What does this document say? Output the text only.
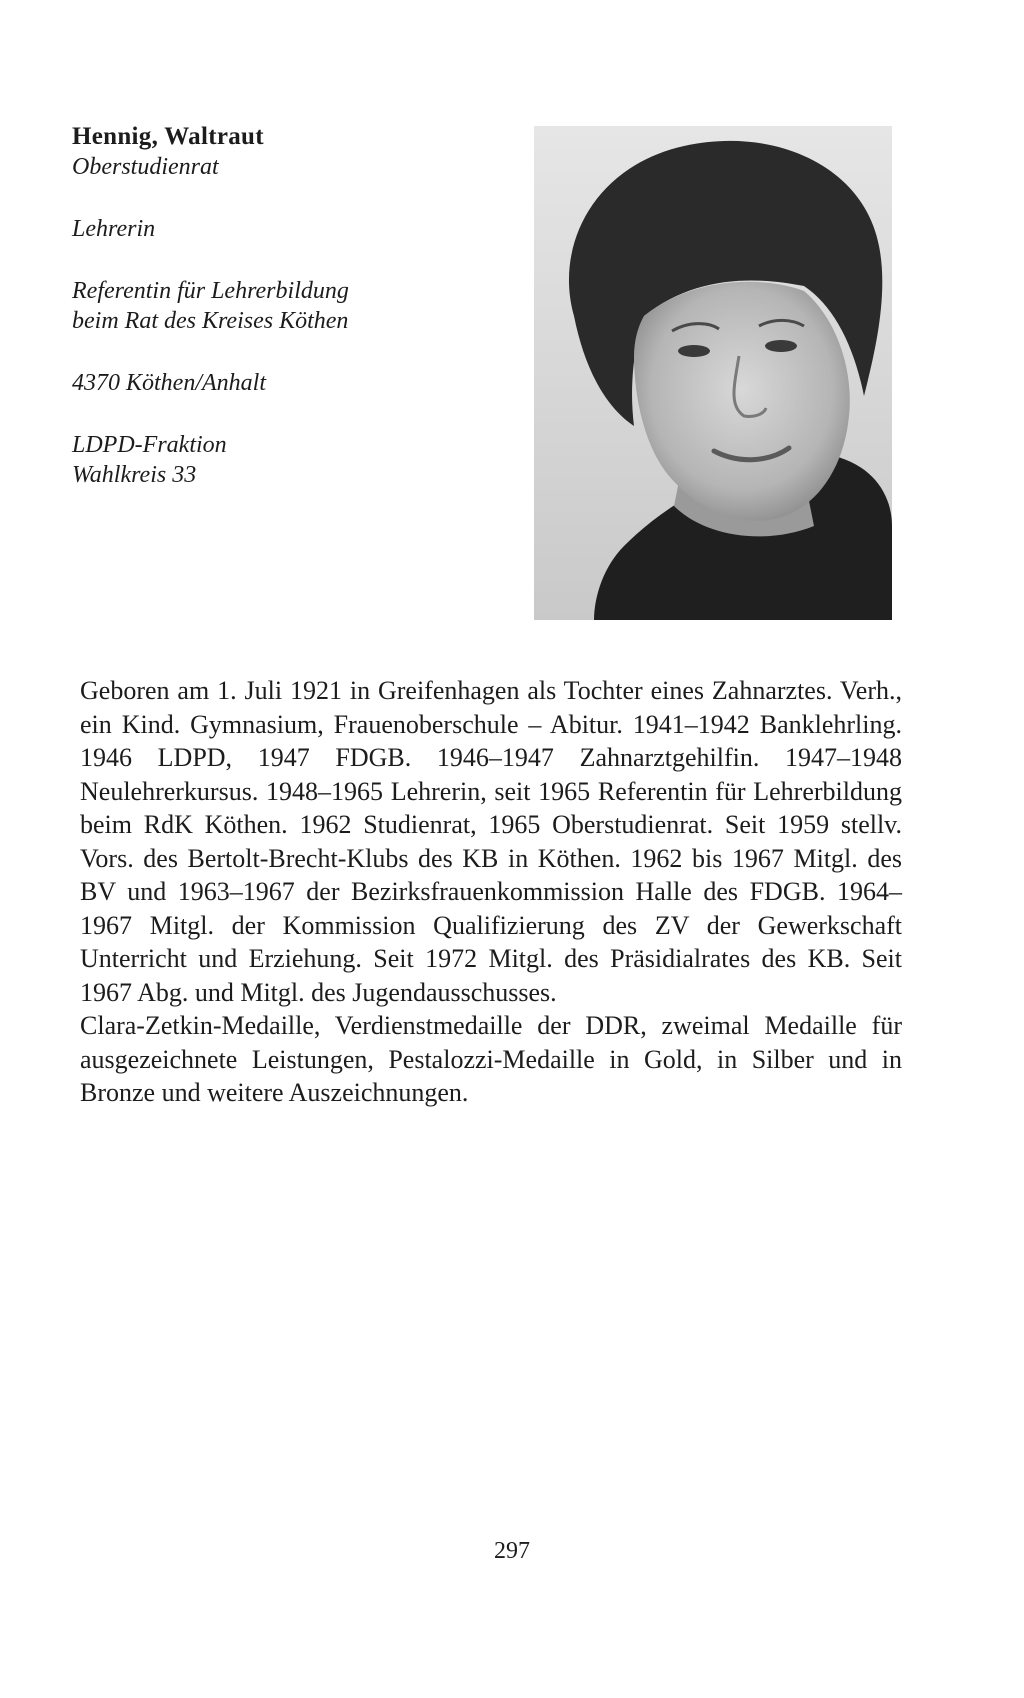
Hennig, Waltraut
Oberstudienrat
Lehrerin
Referentin für Lehrerbildung
beim Rat des Kreises Köthen
4370 Köthen/Anhalt
LDPD-Fraktion
Wahlkreis 33

Geboren am 1. Juli 1921 in Greifenhagen als Tochter eines Zahnarztes. Verh., ein Kind. Gymnasium, Frauenoberschule – Abitur. 1941–1942 Banklehrling. 1946 LDPD, 1947 FDGB. 1946–1947 Zahnarztgehilfin. 1947–1948 Neulehrerkursus. 1948–1965 Lehrerin, seit 1965 Referentin für Lehrerbildung beim RdK Köthen. 1962 Studienrat, 1965 Oberstudienrat. Seit 1959 stellv. Vors. des Bertolt-Brecht-Klubs des KB in Köthen. 1962 bis 1967 Mitgl. des BV und 1963–1967 der Bezirksfrauenkommission Halle des FDGB. 1964–1967 Mitgl. der Kommission Qualifizierung des ZV der Gewerkschaft Unterricht und Erziehung. Seit 1972 Mitgl. des Präsidialrates des KB. Seit 1967 Abg. und Mitgl. des Jugendausschusses.

Clara-Zetkin-Medaille, Verdienstmedaille der DDR, zweimal Medaille für ausgezeichnete Leistungen, Pestalozzi-Medaille in Gold, in Silber und in Bronze und weitere Auszeichnungen.

297
